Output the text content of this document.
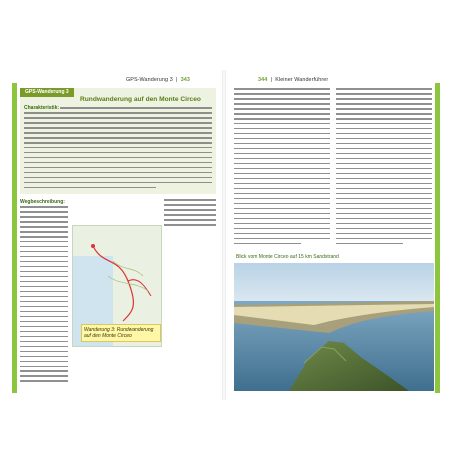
GPS-Wanderung 3  |  343
GPS-Wanderung 3
Rundwanderung auf den Monte Circeo
Charakteristik:
Wegbeschreibung:
Wanderung 3: Rundwanderung auf den Monte Circeo
344  |  Kleiner Wanderführer
Blick vom Monte Circeo auf 15 km Sandstrand
